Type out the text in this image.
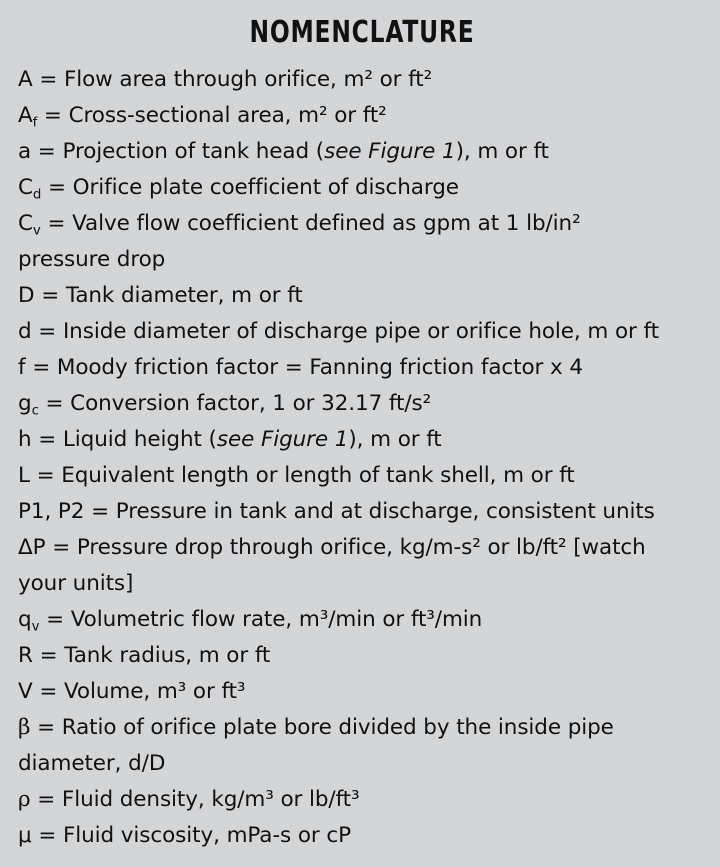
NOMENCLATURE
A = Flow area through orifice, m² or ft²
$A_f$ = Cross-sectional area, m² or ft²
a = Projection of tank head (see Figure 1), m or ft
$C_d$ = Orifice plate coefficient of discharge
$C_v$ = Valve flow coefficient defined as gpm at 1 lb/in²
pressure drop
D = Tank diameter, m or ft
d = Inside diameter of discharge pipe or orifice hole, m or ft
f = Moody friction factor = Fanning friction factor x 4
$g_c$ = Conversion factor, 1 or 32.17 ft/s²
h = Liquid height (see Figure 1), m or ft
L = Equivalent length or length of tank shell, m or ft
P1, P2 = Pressure in tank and at discharge, consistent units
ΔP = Pressure drop through orifice, kg/m-s² or lb/ft² [watch
your units]
$q_v$ = Volumetric flow rate, m³/min or ft³/min
R = Tank radius, m or ft
V = Volume, m³ or ft³
β = Ratio of orifice plate bore divided by the inside pipe
diameter, d/D
ρ = Fluid density, kg/m³ or lb/ft³
μ = Fluid viscosity, mPa-s or cP
